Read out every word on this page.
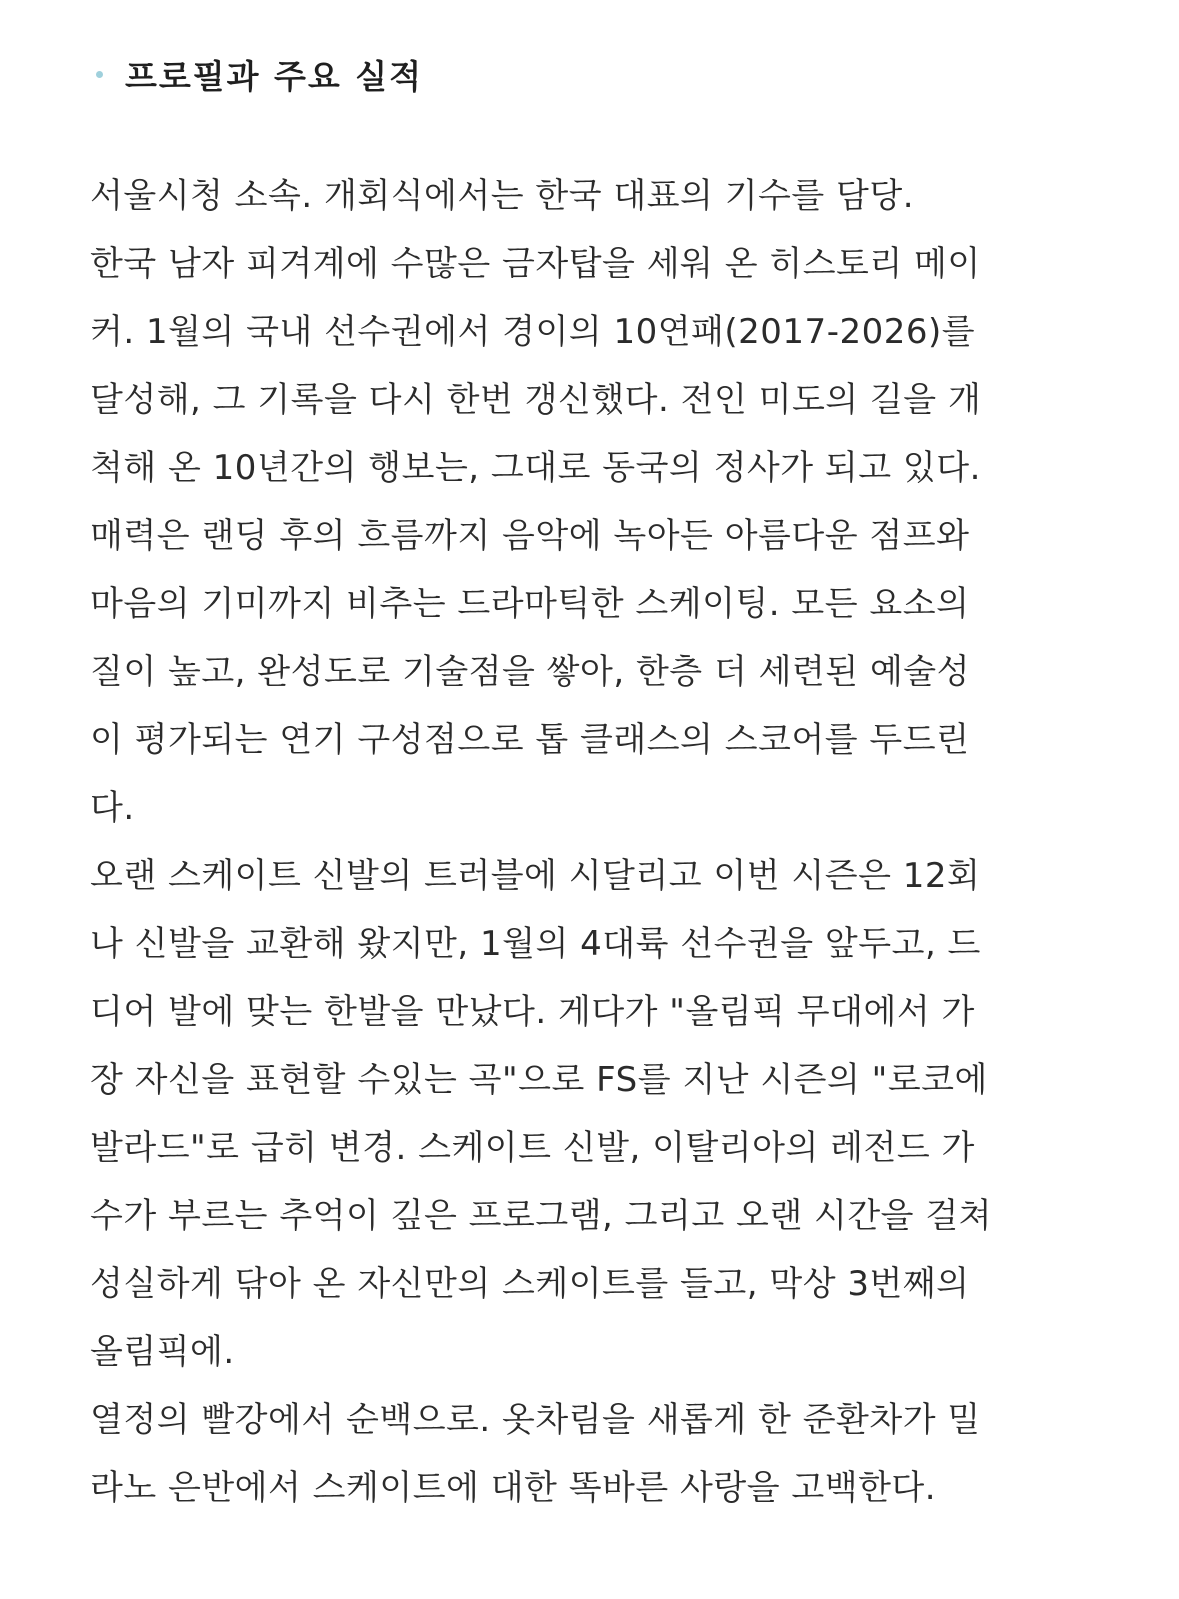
프로필과 주요 실적
서울시청 소속. 개회식에서는 한국 대표의 기수를 담당.
한국 남자 피겨계에 수많은 금자탑을 세워 온 히스토리 메이
커. 1월의 국내 선수권에서 경이의 10연패(2017-2026)를
달성해, 그 기록을 다시 한번 갱신했다. 전인 미도의 길을 개
척해 온 10년간의 행보는, 그대로 동국의 정사가 되고 있다.
매력은 랜딩 후의 흐름까지 음악에 녹아든 아름다운 점프와
마음의 기미까지 비추는 드라마틱한 스케이팅. 모든 요소의
질이 높고, 완성도로 기술점을 쌓아, 한층 더 세련된 예술성
이 평가되는 연기 구성점으로 톱 클래스의 스코어를 두드린
다.
오랜 스케이트 신발의 트러블에 시달리고 이번 시즌은 12회
나 신발을 교환해 왔지만, 1월의 4대륙 선수권을 앞두고, 드
디어 발에 맞는 한발을 만났다. 게다가 "올림픽 무대에서 가
장 자신을 표현할 수있는 곡"으로 FS를 지난 시즌의 "로코에
발라드"로 급히 변경. 스케이트 신발, 이탈리아의 레전드 가
수가 부르는 추억이 깊은 프로그램, 그리고 오랜 시간을 걸쳐
성실하게 닦아 온 자신만의 스케이트를 들고, 막상 3번째의
올림픽에.
열정의 빨강에서 순백으로. 옷차림을 새롭게 한 준환차가 밀
라노 은반에서 스케이트에 대한 똑바른 사랑을 고백한다.
